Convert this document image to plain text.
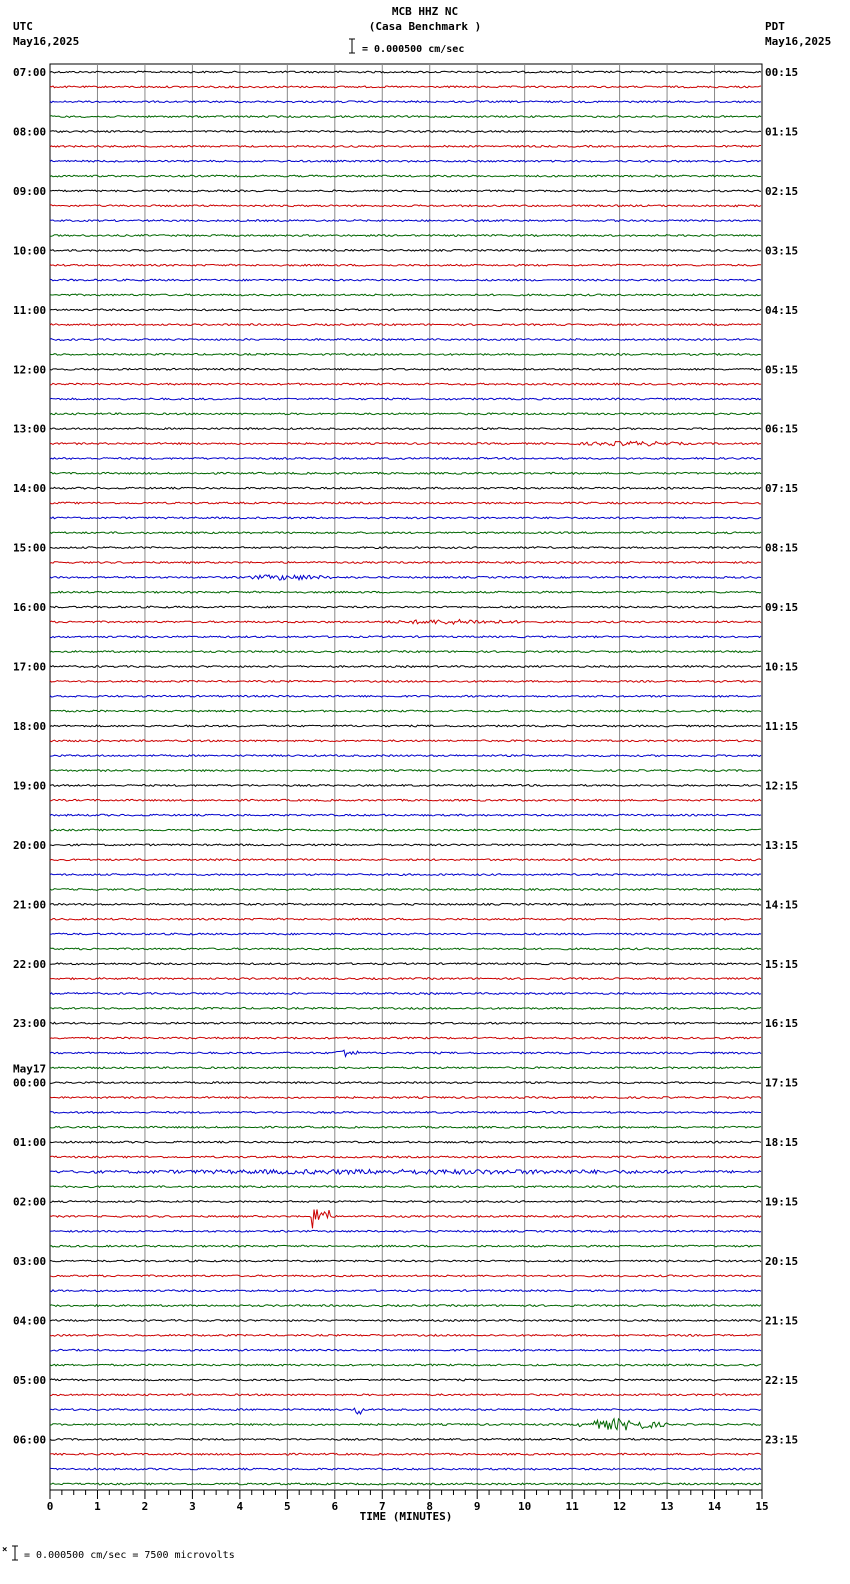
MCB HHZ NC
(Casa Benchmark )
= 0.000500 cm/sec
UTC
May16,2025
PDT
May16,2025
07:00
08:00
09:00
10:00
11:00
12:00
13:00
14:00
15:00
16:00
17:00
18:00
19:00
20:00
21:00
22:00
23:00
00:00
May17
01:00
02:00
03:00
04:00
05:00
06:00
00:15
01:15
02:15
03:15
04:15
05:15
06:15
07:15
08:15
09:15
10:15
11:15
12:15
13:15
14:15
15:15
16:15
17:15
18:15
19:15
20:15
21:15
22:15
23:15
0	1	2	3	4	5	6	7	8	9	10	11	12	13	14	15
TIME (MINUTES)
× = 0.000500 cm/sec = 7500 microvolts
